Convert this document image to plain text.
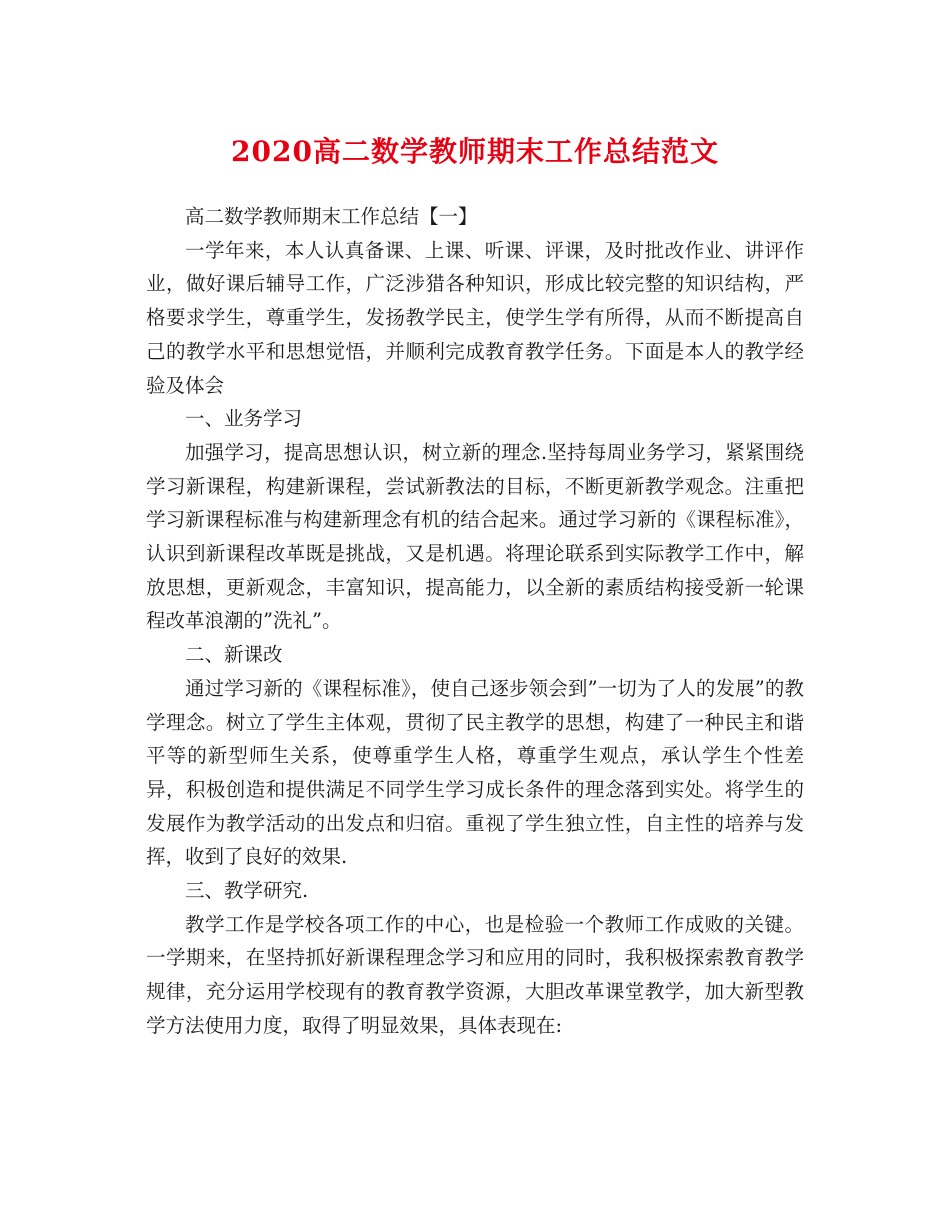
2020高二数学教师期末工作总结范文

高二数学教师期末工作总结【一】

一学年来，本人认真备课、上课、听课、评课，及时批改作业、讲评作业，做好课后辅导工作，广泛涉猎各种知识，形成比较完整的知识结构，严格要求学生，尊重学生，发扬教学民主，使学生学有所得，从而不断提高自己的教学水平和思想觉悟，并顺利完成教育教学任务。下面是本人的教学经验及体会

一、业务学习

加强学习，提高思想认识，树立新的理念.坚持每周业务学习，紧紧围绕学习新课程，构建新课程，尝试新教法的目标，不断更新教学观念。注重把学习新课程标准与构建新理念有机的结合起来。通过学习新的《课程标准》，认识到新课程改革既是挑战，又是机遇。将理论联系到实际教学工作中，解放思想，更新观念，丰富知识，提高能力，以全新的素质结构接受新一轮课程改革浪潮的”洗礼”。

二、新课改

通过学习新的《课程标准》，使自己逐步领会到”一切为了人的发展”的教学理念。树立了学生主体观，贯彻了民主教学的思想，构建了一种民主和谐平等的新型师生关系，使尊重学生人格，尊重学生观点，承认学生个性差异，积极创造和提供满足不同学生学习成长条件的理念落到实处。将学生的发展作为教学活动的出发点和归宿。重视了学生独立性，自主性的培养与发挥，收到了良好的效果.

三、教学研究.

教学工作是学校各项工作的中心，也是检验一个教师工作成败的关键。一学期来，在坚持抓好新课程理念学习和应用的同时，我积极探索教育教学规律，充分运用学校现有的教育教学资源，大胆改革课堂教学，加大新型教学方法使用力度，取得了明显效果，具体表现在:
